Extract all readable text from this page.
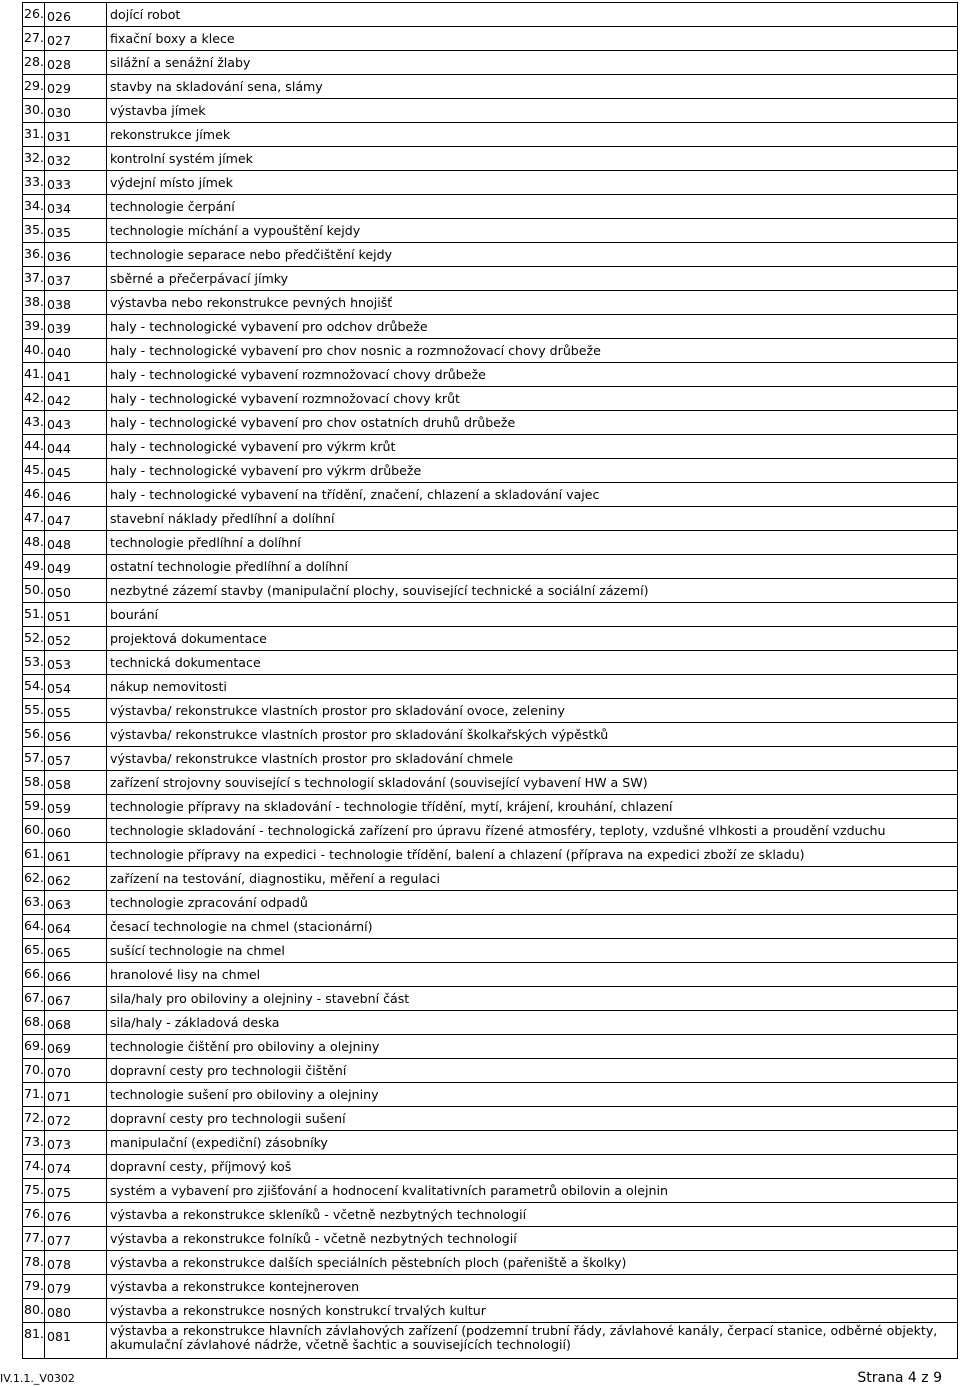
26.	026	dojící robot
27.	027	fixační boxy a klece
28.	028	silážní a senážní žlaby
29.	029	stavby na skladování sena, slámy
30.	030	výstavba jímek
31.	031	rekonstrukce jímek
32.	032	kontrolní systém jímek
33.	033	výdejní místo jímek
34.	034	technologie čerpání
35.	035	technologie míchání a vypouštění kejdy
36.	036	technologie separace nebo předčištění kejdy
37.	037	sběrné a přečerpávací jímky
38.	038	výstavba nebo rekonstrukce pevných hnojišť
39.	039	haly - technologické vybavení pro odchov drůbeže
40.	040	haly - technologické vybavení pro chov nosnic a rozmnožovací chovy drůbeže
41.	041	haly - technologické vybavení rozmnožovací chovy drůbeže
42.	042	haly - technologické vybavení rozmnožovací chovy krůt
43.	043	haly - technologické vybavení pro chov ostatních druhů drůbeže
44.	044	haly - technologické vybavení pro výkrm krůt
45.	045	haly - technologické vybavení pro výkrm drůbeže
46.	046	haly - technologické vybavení na třídění, značení, chlazení a skladování vajec
47.	047	stavební náklady předlíhní a dolíhní
48.	048	technologie předlíhní a dolíhní
49.	049	ostatní technologie předlíhní a dolíhní
50.	050	nezbytné zázemí stavby (manipulační plochy, související technické a sociální zázemí)
51.	051	bourání
52.	052	projektová dokumentace
53.	053	technická dokumentace
54.	054	nákup nemovitosti
55.	055	výstavba/ rekonstrukce vlastních prostor pro skladování ovoce, zeleniny
56.	056	výstavba/ rekonstrukce vlastních prostor pro skladování školkařských výpěstků
57.	057	výstavba/ rekonstrukce vlastních prostor pro skladování chmele
58.	058	zařízení strojovny související s technologií skladování (související vybavení HW a SW)
59.	059	technologie přípravy na skladování - technologie třídění, mytí, krájení, krouhání, chlazení
60.	060	technologie skladování - technologická zařízení pro úpravu řízené atmosféry, teploty, vzdušné vlhkosti a proudění vzduchu
61.	061	technologie přípravy na expedici - technologie třídění, balení a chlazení (příprava na expedici zboží ze skladu)
62.	062	zařízení na testování, diagnostiku, měření a regulaci
63.	063	technologie zpracování odpadů
64.	064	česací technologie na chmel (stacionární)
65.	065	sušící technologie na chmel
66.	066	hranolové lisy na chmel
67.	067	sila/haly pro obiloviny a olejniny - stavební část
68.	068	sila/haly - základová deska
69.	069	technologie čištění pro obiloviny a olejniny
70.	070	dopravní cesty pro technologii čištění
71.	071	technologie sušení pro obiloviny a olejniny
72.	072	dopravní cesty pro technologii sušení
73.	073	manipulační (expediční) zásobníky
74.	074	dopravní cesty, příjmový koš
75.	075	systém a vybavení pro zjišťování a hodnocení kvalitativních parametrů obilovin a olejnin
76.	076	výstavba a rekonstrukce skleníků - včetně nezbytných technologií
77.	077	výstavba a rekonstrukce folníků - včetně nezbytných technologií
78.	078	výstavba a rekonstrukce dalších speciálních pěstebních ploch (pařeniště a školky)
79.	079	výstavba a rekonstrukce kontejneroven
80.	080	výstavba a rekonstrukce nosných konstrukcí trvalých kultur
81.	081	výstavba a rekonstrukce hlavních závlahových zařízení (podzemní trubní řády, závlahové kanály, čerpací stanice, odběrné objekty, akumulační závlahové nádrže, včetně šachtic a souvisejících technologií)
IV.1.1._V0302	Strana 4 z 9
